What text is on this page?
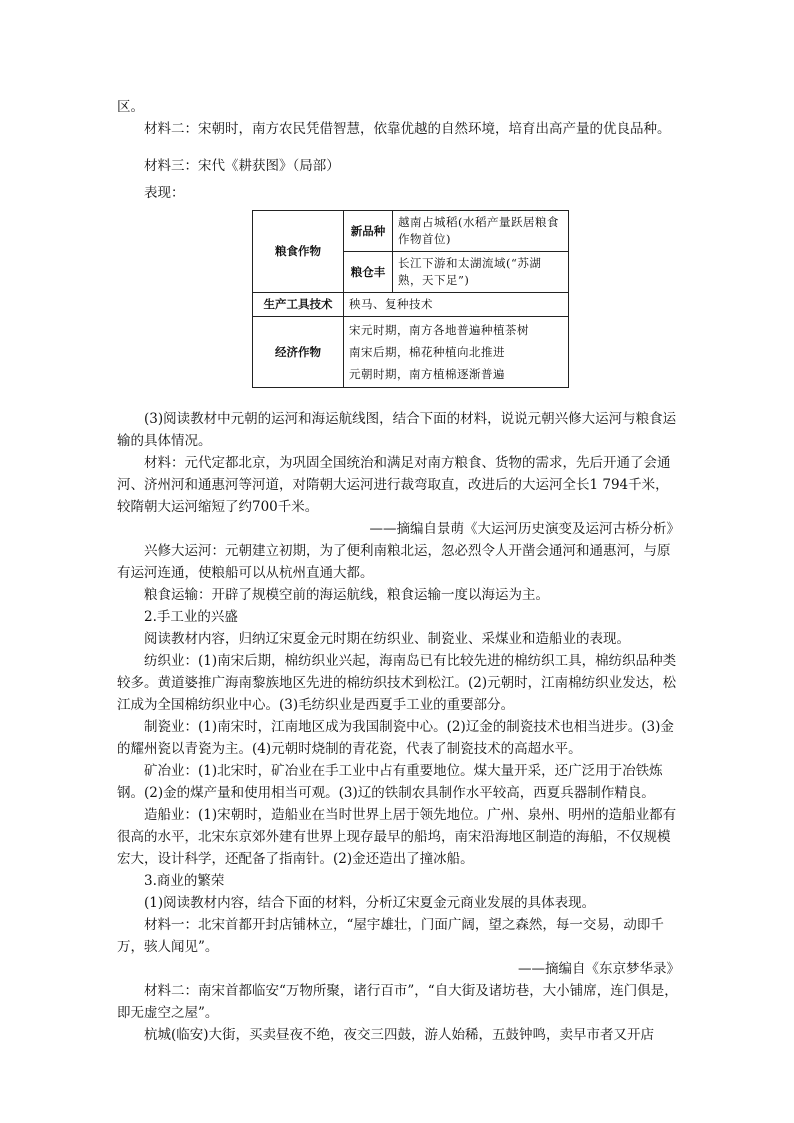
区。

材料二：宋朝时，南方农民凭借智慧，依靠优越的自然环境，培育出高产量的优良品种。

材料三：宋代《耕获图》（局部）

表现：

粮食作物	新品种	越南占城稻(水稻产量跃居粮食作物首位)
	粮仓丰	长江下游和太湖流域(“苏湖熟，天下足”)
生产工具技术	秧马、复种技术	
经济作物	宋元时期，南方各地普遍种植茶树
南宋后期，棉花种植向北推进
元朝时期，南方植棉逐渐普遍	

(3)阅读教材中元朝的运河和海运航线图，结合下面的材料，说说元朝兴修大运河与粮食运输的具体情况。

材料：元代定都北京，为巩固全国统治和满足对南方粮食、货物的需求，先后开通了会通河、济州河和通惠河等河道，对隋朝大运河进行裁弯取直，改进后的大运河全长1 794千米，较隋朝大运河缩短了约700千米。

——摘编自景萌《大运河历史演变及运河古桥分析》

兴修大运河：元朝建立初期，为了便利南粮北运，忽必烈令人开凿会通河和通惠河，与原有运河连通，使粮船可以从杭州直通大都。

粮食运输：开辟了规模空前的海运航线，粮食运输一度以海运为主。

2.手工业的兴盛

阅读教材内容，归纳辽宋夏金元时期在纺织业、制瓷业、采煤业和造船业的表现。

纺织业：(1)南宋后期，棉纺织业兴起，海南岛已有比较先进的棉纺织工具，棉纺织品种类较多。黄道婆推广海南黎族地区先进的棉纺织技术到松江。(2)元朝时，江南棉纺织业发达，松江成为全国棉纺织业中心。(3)毛纺织业是西夏手工业的重要部分。

制瓷业：(1)南宋时，江南地区成为我国制瓷中心。(2)辽金的制瓷技术也相当进步。(3)金的耀州瓷以青瓷为主。(4)元朝时烧制的青花瓷，代表了制瓷技术的高超水平。

矿冶业：(1)北宋时，矿冶业在手工业中占有重要地位。煤大量开采，还广泛用于冶铁炼钢。(2)金的煤产量和使用相当可观。(3)辽的铁制农具制作水平较高，西夏兵器制作精良。

造船业：(1)宋朝时，造船业在当时世界上居于领先地位。广州、泉州、明州的造船业都有很高的水平，北宋东京郊外建有世界上现存最早的船坞，南宋沿海地区制造的海船，不仅规模宏大，设计科学，还配备了指南针。(2)金还造出了撞冰船。

3.商业的繁荣

(1)阅读教材内容，结合下面的材料，分析辽宋夏金元商业发展的具体表现。

材料一：北宋首都开封店铺林立，“屋宇雄壮，门面广阔，望之森然，每一交易，动即千万，骇人闻见”。

——摘编自《东京梦华录》

材料二：南宋首都临安“万物所聚，诸行百市”，“自大街及诸坊巷，大小铺席，连门俱是，即无虚空之屋”。

杭城(临安)大街，买卖昼夜不绝，夜交三四鼓，游人始稀，五鼓钟鸣，卖早市者又开店
